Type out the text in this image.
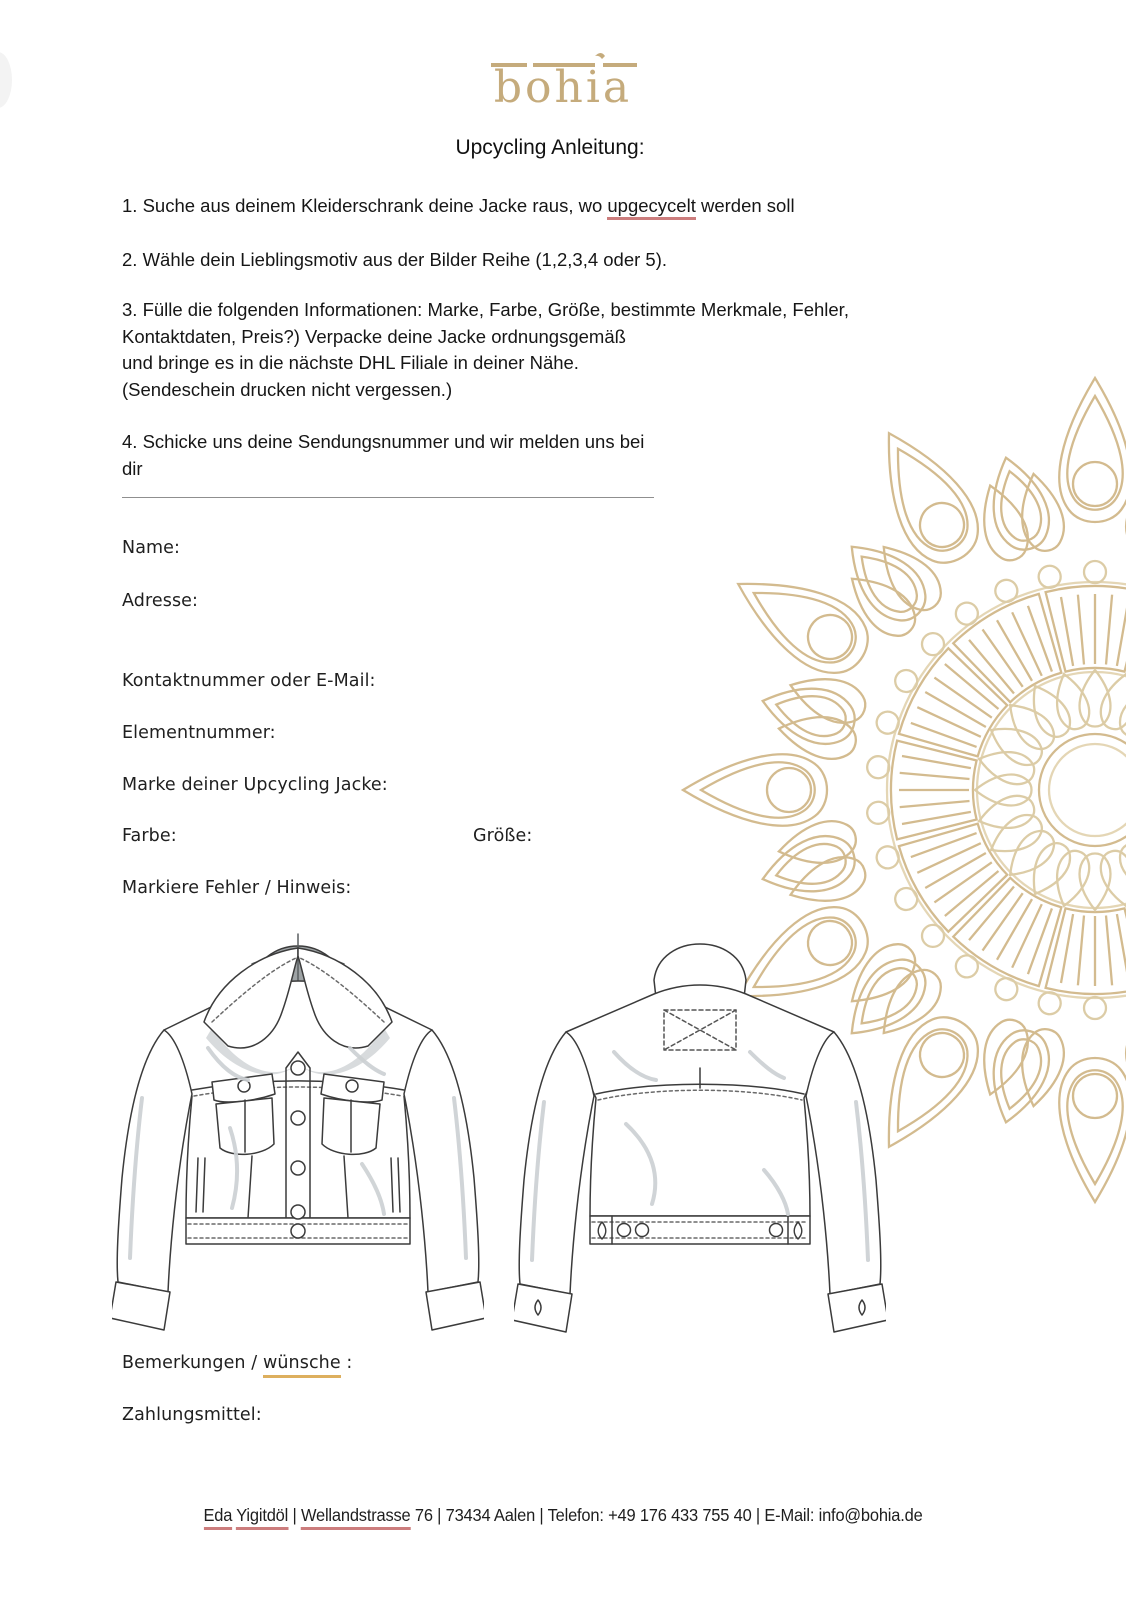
bohia
Upcycling Anleitung:
1. Suche aus deinem Kleiderschrank deine Jacke raus, wo upgecycelt werden soll
2. Wähle dein Lieblingsmotiv aus der Bilder Reihe (1,2,3,4 oder 5).
3. Fülle die folgenden Informationen: Marke, Farbe, Größe, bestimmte Merkmale, Fehler,
Kontaktdaten, Preis?) Verpacke deine Jacke ordnungsgemäß
und bringe es in die nächste DHL Filiale in deiner Nähe.
(Sendeschein drucken nicht vergessen.)
4. Schicke uns deine Sendungsnummer und wir melden uns bei
dir
Name:
Adresse:
Kontaktnummer oder E-Mail:
Elementnummer:
Marke deiner Upcycling Jacke:
Farbe:	Größe:
Markiere Fehler / Hinweis:
Bemerkungen / wünsche :
Zahlungsmittel:
Eda Yigitdöl | Wellandstrasse 76 | 73434 Aalen | Telefon: +49 176 433 755 40 | E-Mail: info@bohia.de
